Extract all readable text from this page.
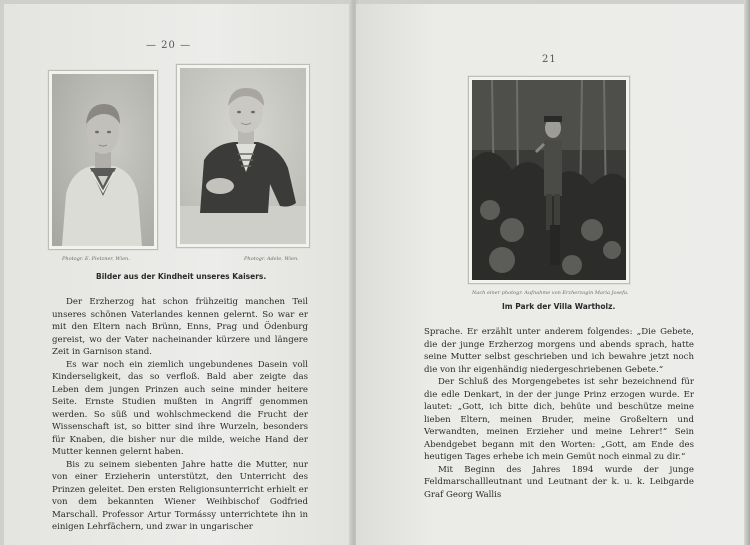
— 20 —
Photogr. E. Pietzner, Wien.	Photogr. Adele, Wien.
Bilder aus der Kindheit unseres Kaisers.

Der Erzherzog hat schon frühzeitig manchen Teil unseres schönen Vaterlandes kennen gelernt. So war er mit den Eltern nach Brünn, Enns, Prag und Ödenburg gereist, wo der Vater nacheinander kürzere und längere Zeit in Garnison stand.

Es war noch ein ziemlich ungebundenes Dasein voll Kinderseligkeit, das so verfloß. Bald aber zeigte das Leben dem jungen Prinzen auch seine minder heitere Seite. Ernste Studien mußten in Angriff genommen werden. So süß und wohlschmeckend die Frucht der Wissenschaft ist, so bitter sind ihre Wurzeln, besonders für Knaben, die bisher nur die milde, weiche Hand der Mutter kennen gelernt haben.

Bis zu seinem siebenten Jahre hatte die Mutter, nur von einer Erzieherin unterstützt, den Unterricht des Prinzen geleitet. Den ersten Religionsunterricht erhielt er von dem bekannten Wiener Weihbischof Godfried Marschall. Professor Artur Tormássy unterrichtete ihn in einigen Lehrfächern, und zwar in ungarischer

21
Nach einer photogr. Aufnahme von Erzherzogin Maria Josefa.
Im Park der Villa Wartholz.

Sprache. Er erzählt unter anderem folgendes: „Die Gebete, die der junge Erzherzog morgens und abends sprach, hatte seine Mutter selbst geschrieben und ich bewahre jetzt noch die von ihr eigenhändig niedergeschriebenen Gebete.“

Der Schluß des Morgengebetes ist sehr bezeichnend für die edle Denkart, in der der junge Prinz erzogen wurde. Er lautet: „Gott, ich bitte dich, behüte und beschütze meine lieben Eltern, meinen Bruder, meine Großeltern und Verwandten, meinen Erzieher und meine Lehrer!“ Sein Abendgebet begann mit den Worten: „Gott, am Ende des heutigen Tages erhebe ich mein Gemüt noch einmal zu dir.“

Mit Beginn des Jahres 1894 wurde der junge Feldmarschallleutnant und Leutnant der k. u. k. Leibgarde Graf Georg Wallis
